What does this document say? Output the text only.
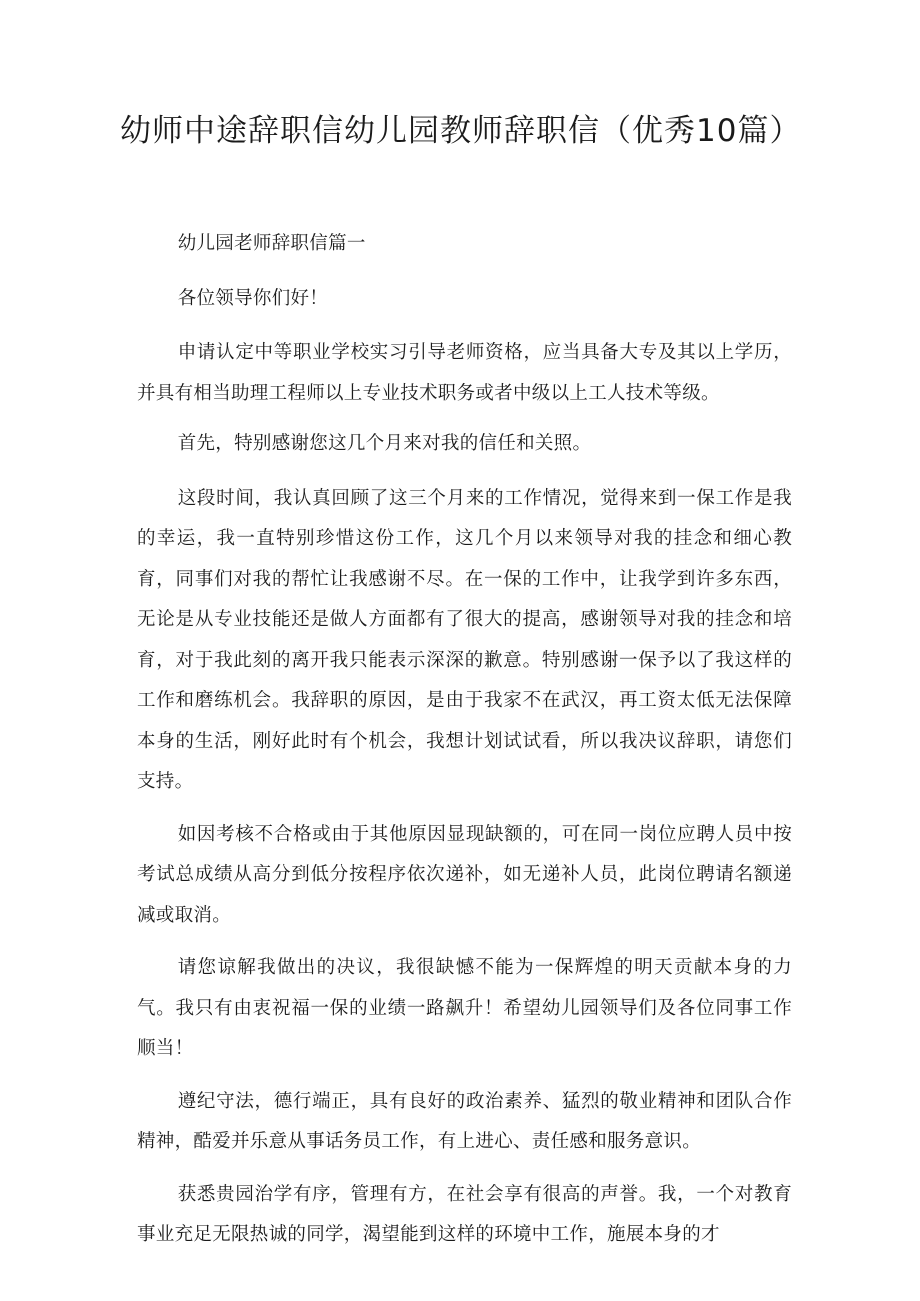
幼师中途辞职信幼儿园教师辞职信（优秀10篇）

幼儿园老师辞职信篇一

各位领导你们好！

申请认定中等职业学校实习引导老师资格，应当具备大专及其以上学历，并具有相当助理工程师以上专业技术职务或者中级以上工人技术等级。

首先，特别感谢您这几个月来对我的信任和关照。

这段时间，我认真回顾了这三个月来的工作情况，觉得来到一保工作是我的幸运，我一直特别珍惜这份工作，这几个月以来领导对我的挂念和细心教育，同事们对我的帮忙让我感谢不尽。在一保的工作中，让我学到许多东西，无论是从专业技能还是做人方面都有了很大的提高，感谢领导对我的挂念和培育，对于我此刻的离开我只能表示深深的歉意。特别感谢一保予以了我这样的工作和磨练机会。我辞职的原因，是由于我家不在武汉，再工资太低无法保障本身的生活，刚好此时有个机会，我想计划试试看，所以我决议辞职，请您们支持。

如因考核不合格或由于其他原因显现缺额的，可在同一岗位应聘人员中按考试总成绩从高分到低分按程序依次递补，如无递补人员，此岗位聘请名额递减或取消。

请您谅解我做出的决议，我很缺憾不能为一保辉煌的明天贡献本身的力气。我只有由衷祝福一保的业绩一路飙升！希望幼儿园领导们及各位同事工作顺当！

遵纪守法，德行端正，具有良好的政治素养、猛烈的敬业精神和团队合作精神，酷爱并乐意从事话务员工作，有上进心、责任感和服务意识。

获悉贵园治学有序，管理有方，在社会享有很高的声誉。我，一个对教育事业充足无限热诚的同学，渴望能到这样的环境中工作，施展本身的才
